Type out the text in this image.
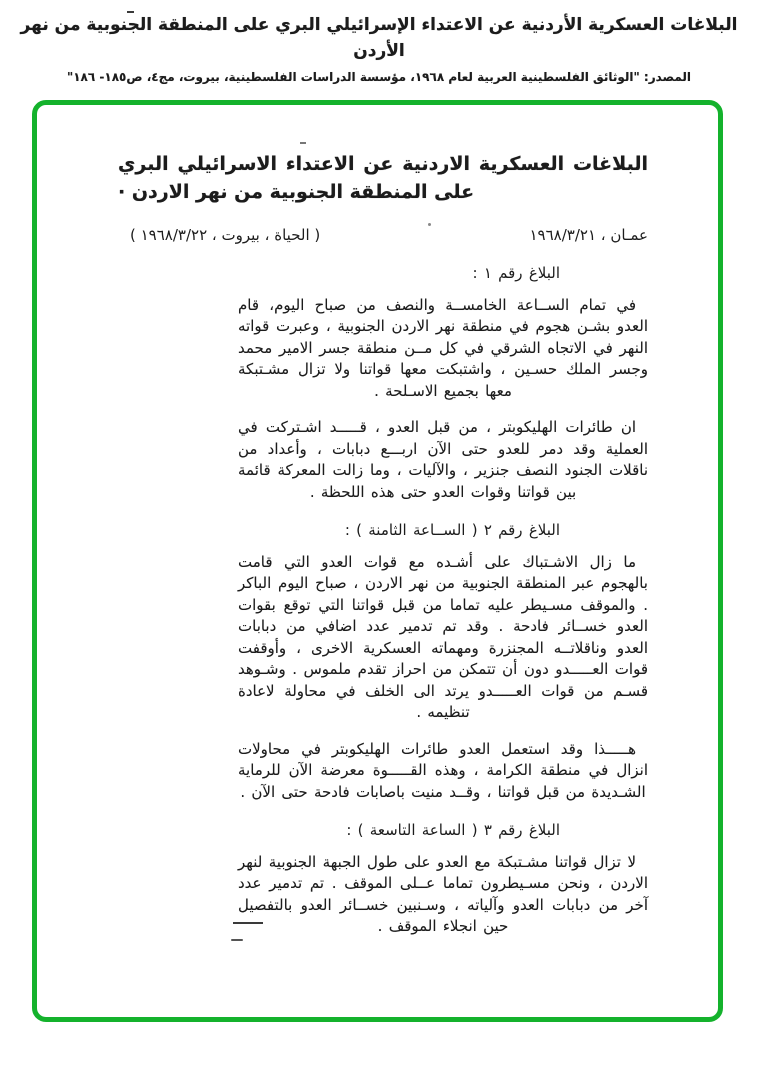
البلاغات العسكرية الأردنية عن الاعتداء الإسرائيلي البري على المنطقة الجنوبية من نهر الأردن
المصدر: "الوثائق الفلسطينية العربية لعام ١٩٦٨، مؤسسة الدراسات الفلسطينية، بيروت، مج٤، ص١٨٥- ١٨٦"
البلاغات العسكرية الاردنية عن الاعتداء الاسرائيلي البري على المنطقة الجنوبية من نهر الاردن ·
عمـان ، ١٩٦٨/٣/٢١
( الحياة ، بيروت ، ١٩٦٨/٣/٢٢ )
البلاغ رقم ١ :

في تمام الســاعة الخامســة والنصف من صباح اليوم، قام العدو بشـن هجوم في منطقة نهر الاردن الجنوبية ، وعبرت قواته النهر في الاتجاه الشرقي في كل مــن منطقة جسر الامير محمد وجسر الملك حسـين ، واشتبكت معها قواتنا ولا تزال مشـتبكة معها بجميع الاسـلحة .

ان طائرات الهليكوبتر ، من قبل العدو ، قـــــد اشـتركت في العملية وقد دمر للعدو حتى الآن اربـــع دبابات ، وأعداد من ناقلات الجنود النصف جنزير ، والآليات ، وما زالت المعركة قائمة بين قواتنا وقوات العدو حتى هذه اللحظة .

البلاغ رقم ٢ ( الســاعة الثامنة ) :

ما زال الاشـتباك على أشـده مع قوات العدو التي قامت بالهجوم عبر المنطقة الجنوبية من نهر الاردن ، صباح اليوم الباكر . والموقف مسـيطر عليه تماما من قبل قواتنا التي توقع بقوات العدو خســائر فادحة . وقد تم تدمير عدد اضافي من دبابات العدو وناقلاتــه المجنزرة ومهماته العسكرية الاخرى ، وأوقفت قوات العـــــدو دون أن تتمكن من احراز تقدم ملموس . وشـوهد قسـم من قوات العـــــدو يرتد الى الخلف في محاولة لاعادة تنظيمه .

هـــــذا وقد استعمل العدو طائرات الهليكوبتر في محاولات انزال في منطقة الكرامة ، وهذه القـــــوة معرضة الآن للرماية الشـديدة من قبل قواتنا ، وقــد منيت باصابات فادحة حتى الآن .

البلاغ رقم ٣ ( الساعة التاسعة ) :

لا تزال قواتنا مشـتبكة مع العدو على طول الجبهة الجنوبية لنهر الاردن ، ونحن مسـيطرون تماما عــلى الموقف . تم تدمير عدد آخر من دبابات العدو وآلياته ، وسـنبين خســائر العدو بالتفصيل حين انجلاء الموقف .
